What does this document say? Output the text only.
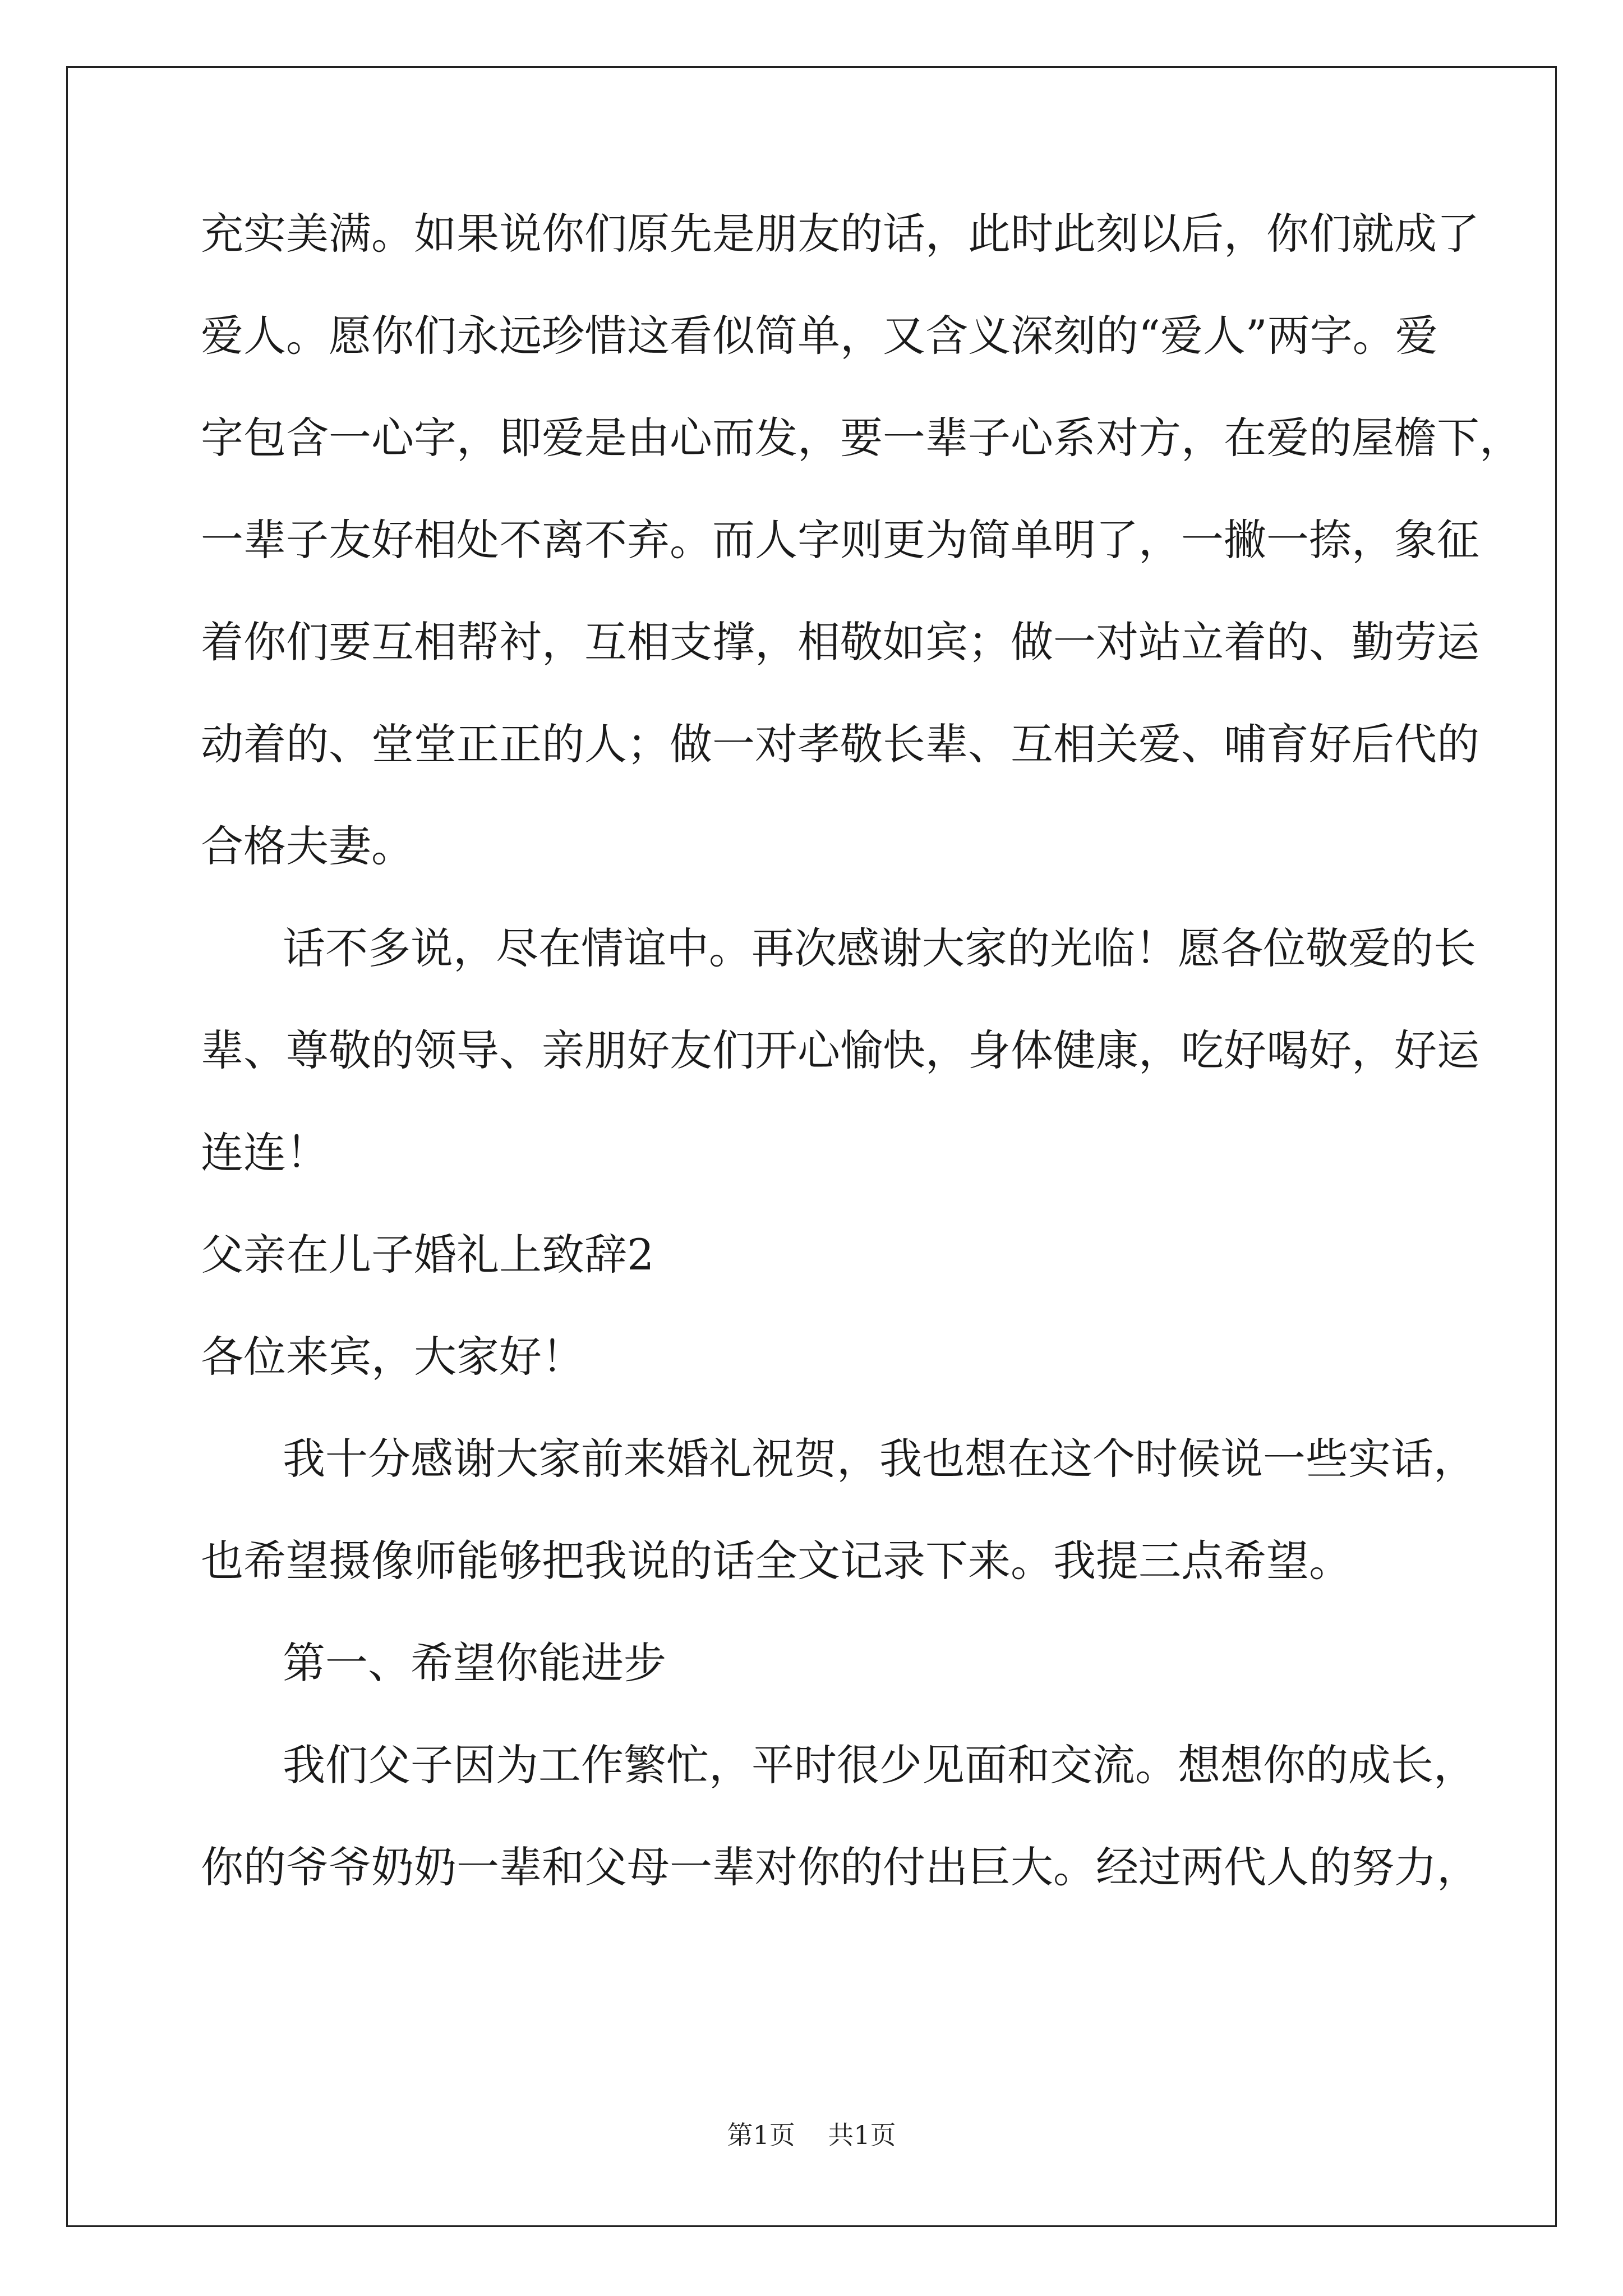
充实美满。如果说你们原先是朋友的话，此时此刻以后，你们就成了
爱人。愿你们永远珍惜这看似简单，又含义深刻的“爱人”两字。爱
字包含一心字，即爱是由心而发，要一辈子心系对方，在爱的屋檐下，
一辈子友好相处不离不弃。而人字则更为简单明了，一撇一捺，象征
着你们要互相帮衬，互相支撑，相敬如宾；做一对站立着的、勤劳运
动着的、堂堂正正的人；做一对孝敬长辈、互相关爱、哺育好后代的
合格夫妻。
话不多说，尽在情谊中。再次感谢大家的光临！愿各位敬爱的长
辈、尊敬的领导、亲朋好友们开心愉快，身体健康，吃好喝好，好运
连连！
父亲在儿子婚礼上致辞2
各位来宾，大家好！
我十分感谢大家前来婚礼祝贺，我也想在这个时候说一些实话，
也希望摄像师能够把我说的话全文记录下来。我提三点希望。
第一、希望你能进步
我们父子因为工作繁忙，平时很少见面和交流。想想你的成长，
你的爷爷奶奶一辈和父母一辈对你的付出巨大。经过两代人的努力，
第1页 共1页
